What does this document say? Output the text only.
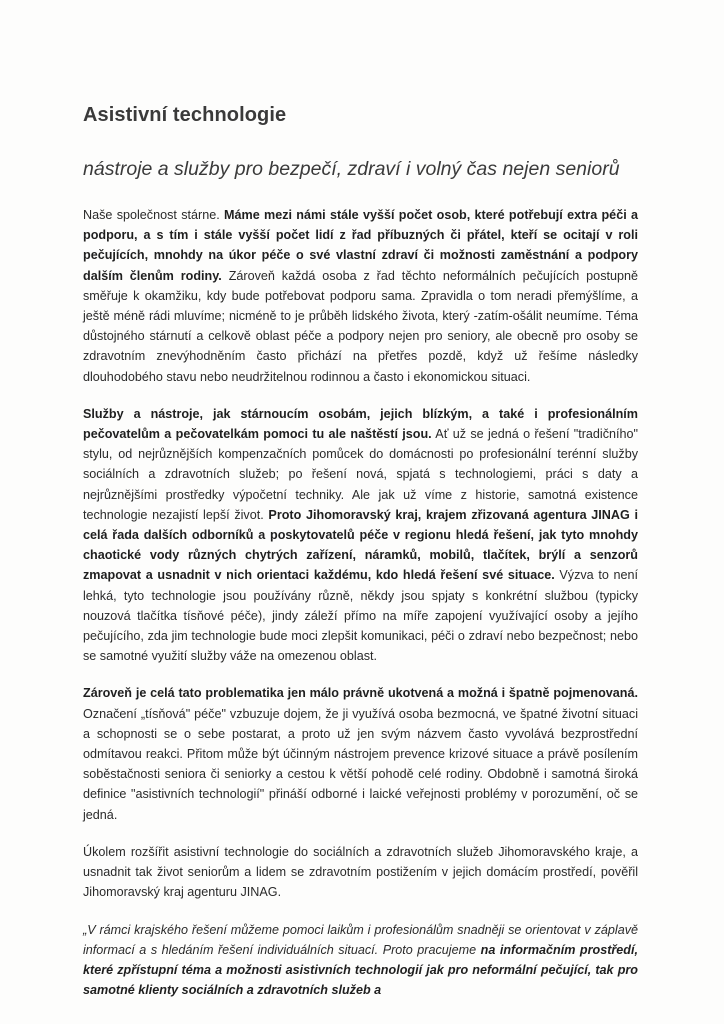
Asistivní technologie
nástroje a služby pro bezpečí, zdraví i volný čas nejen seniorů

Naše společnost stárne. Máme mezi námi stále vyšší počet osob, které potřebují extra péči a podporu, a s tím i stále vyšší počet lidí z řad příbuzných či přátel, kteří se ocitají v roli pečujících, mnohdy na úkor péče o své vlastní zdraví či možnosti zaměstnání a podpory dalším členům rodiny. Zároveň každá osoba z řad těchto neformálních pečujících postupně směřuje k okamžiku, kdy bude potřebovat podporu sama. Zpravidla o tom neradi přemýšlíme, a ještě méně rádi mluvíme; nicméně to je průběh lidského života, který -zatím-ošálit neumíme. Téma důstojného stárnutí a celkově oblast péče a podpory nejen pro seniory, ale obecně pro osoby se zdravotním znevýhodněním často přichází na přetřes pozdě, když už řešíme následky dlouhodobého stavu nebo neudržitelnou rodinnou a často i ekonomickou situaci.

Služby a nástroje, jak stárnoucím osobám, jejich blízkým, a také i profesionálním pečovatelům a pečovatelkám pomoci tu ale naštěstí jsou. Ať už se jedná o řešení "tradičního" stylu, od nejrůznějších kompenzačních pomůcek do domácnosti po profesionální terénní služby sociálních a zdravotních služeb; po řešení nová, spjatá s technologiemi, práci s daty a nejrůznějšími prostředky výpočetní techniky. Ale jak už víme z historie, samotná existence technologie nezajistí lepší život. Proto Jihomoravský kraj, krajem zřizovaná agentura JINAG i celá řada dalších odborníků a poskytovatelů péče v regionu hledá řešení, jak tyto mnohdy chaotické vody různých chytrých zařízení, náramků, mobilů, tlačítek, brýlí a senzorů zmapovat a usnadnit v nich orientaci každému, kdo hledá řešení své situace. Výzva to není lehká, tyto technologie jsou používány různě, někdy jsou spjaty s konkrétní službou (typicky nouzová tlačítka tísňové péče), jindy záleží přímo na míře zapojení využívající osoby a jejího pečujícího, zda jim technologie bude moci zlepšit komunikaci, péči o zdraví nebo bezpečnost; nebo se samotné využití služby váže na omezenou oblast.

Zároveň je celá tato problematika jen málo právně ukotvená a možná i špatně pojmenovaná. Označení „tísňová" péče" vzbuzuje dojem, že ji využívá osoba bezmocná, ve špatné životní situaci a schopnosti se o sebe postarat, a proto už jen svým názvem často vyvolává bezprostřední odmítavou reakci. Přitom může být účinným nástrojem prevence krizové situace a právě posílením soběstačnosti seniora či seniorky a cestou k větší pohodě celé rodiny. Obdobně i samotná široká definice "asistivních technologií" přináší odborné i laické veřejnosti problémy v porozumění, oč se jedná.

Úkolem rozšířit asistivní technologie do sociálních a zdravotních služeb Jihomoravského kraje, a usnadnit tak život seniorům a lidem se zdravotním postižením v jejich domácím prostředí, pověřil Jihomoravský kraj agenturu JINAG.

„V rámci krajského řešení můžeme pomoci laikům i profesionálům snadněji se orientovat v záplavě informací a s hledáním řešení individuálních situací. Proto pracujeme na informačním prostředí, které zpřístupní téma a možnosti asistivních technologií jak pro neformální pečující, tak pro samotné klienty sociálních a zdravotních služeb a
